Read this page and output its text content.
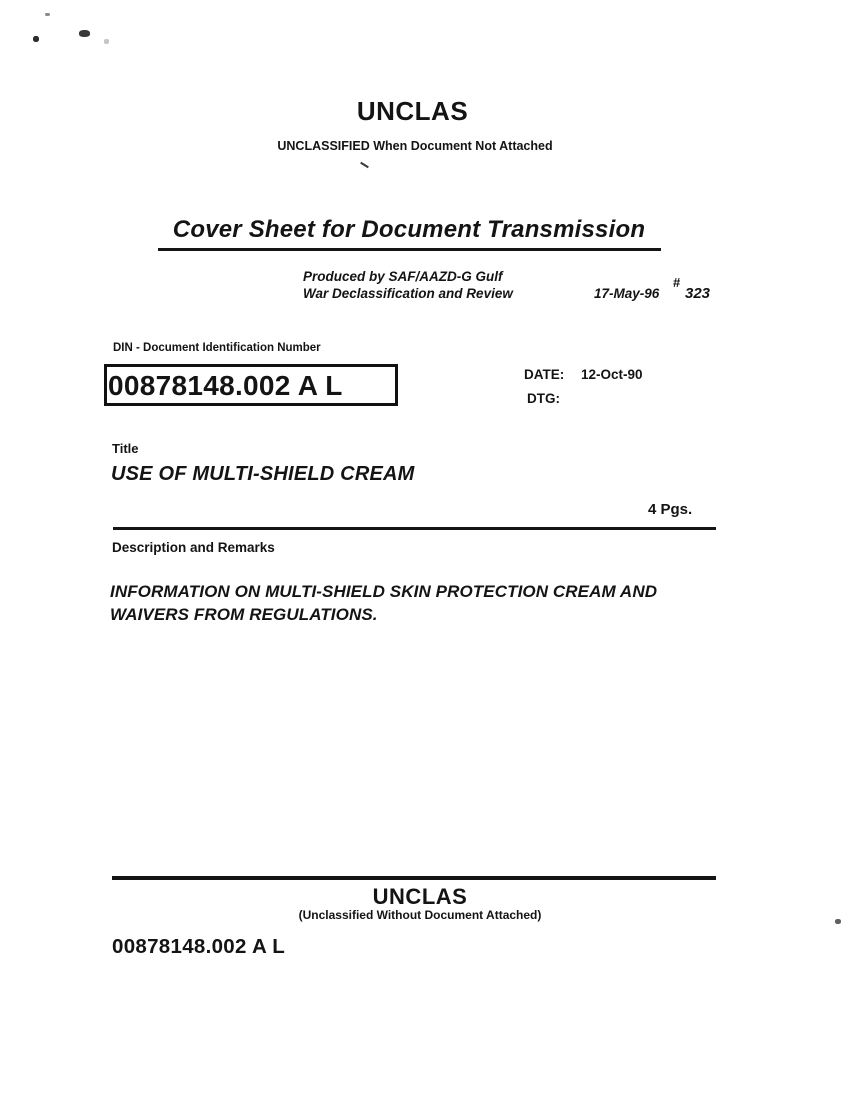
UNCLAS
UNCLASSIFIED When Document Not Attached
Cover Sheet for Document Transmission
Produced by SAF/AAZD-G Gulf
War Declassification and Review	17-May-96
#
323
DIN - Document Identification Number
00878148.002 A L	DATE: 12-Oct-90
DTG:
Title
USE OF MULTI-SHIELD CREAM
4 Pgs.
Description and Remarks
INFORMATION ON MULTI-SHIELD SKIN PROTECTION CREAM AND WAIVERS FROM REGULATIONS.
UNCLAS
(Unclassified Without Document Attached)
00878148.002 A L
